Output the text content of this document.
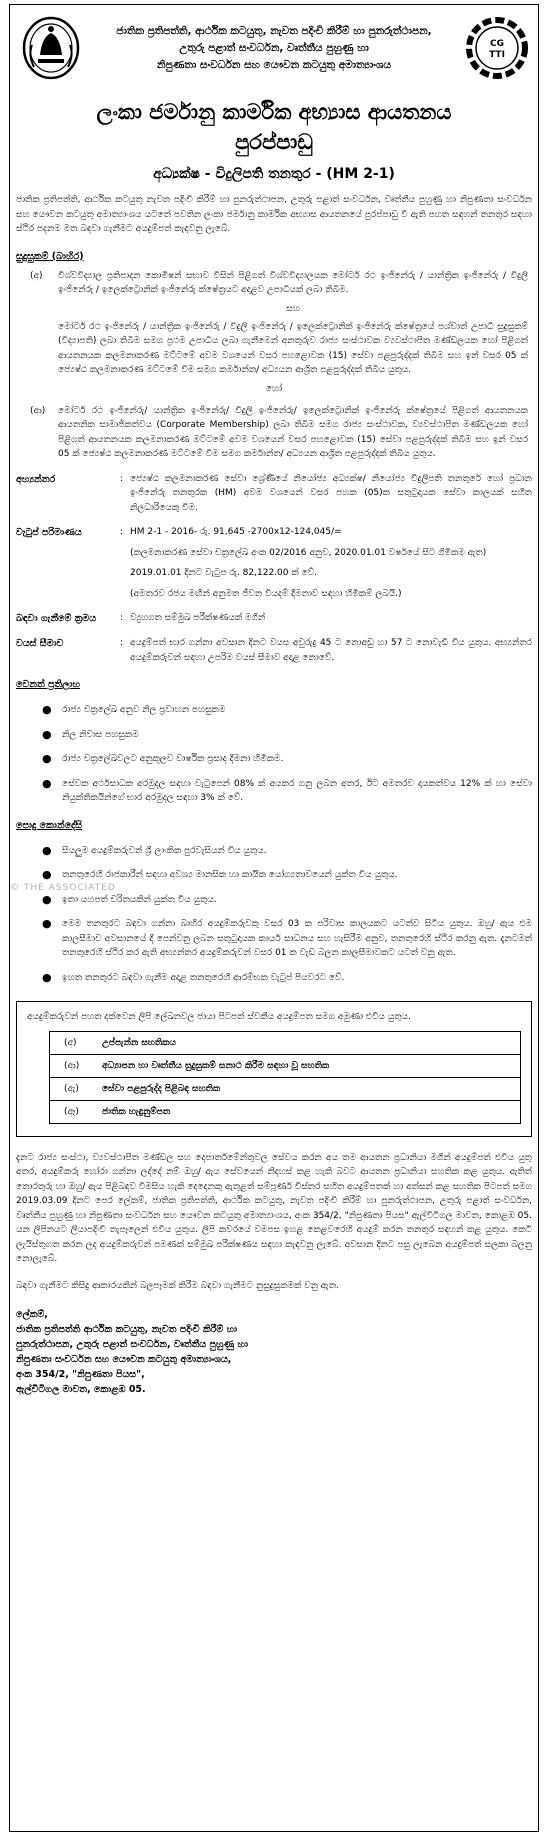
ජාතික ප්‍රතිපත්ති, ආර්ථික කටයුතු, නැවත පදිංචි කිරීම් හා පුනරුත්ථාපන,
උතුරු පළාත් සංවර්ධන, වෘත්තීය පුහුණු හා
නිපුණතා සංවර්ධන සහ යෞවන කටයුතු අමාත්‍යාංශය
CG
TTI
ලංකා ජර්මානු කාර්මික අභ්‍යාස ආයතනය
පුරප්පාඩු
අධ්‍යක්ෂ - විදුලිපති තනතුර - (HM 2-1)

ජාතික ප්‍රතිපත්ති, ආර්ථික කටයුතු නැවත පදිංචි කිරීම් හා පුනරුත්ථාපන, උතුරු පළාත් සංවර්ධන, වෘත්තීය පුහුණු හා නිපුණතා සංවර්ධන සහ යෞවන කටයුතු අමාත්‍යාංශය යටතේ පවතින ලංකා ජර්මානු කාර්මික අභ්‍යාස ආයතනයේ පුරප්පාඩු වී ඇති පහත සඳහන් තනතුර සඳහා ස්ථිර පදනම මත බඳවා ගැනීමට අයදුම්පත් කැඳවනු ලැබේ.

සුදුසුකම් (බාහිර)
(අ)	විශ්වවිද්‍යාල ප්‍රතිපාදන කොමිෂන් සභාව විසින් පිළිගත් විශ්වවිද්‍යාලයක මෝටර් රථ ඉංජිනේරු / යාන්ත්‍රික ඉංජිනේරු / විදුලි ඉංජිනේරු / ඉලෙක්ට්‍රොනික් ඉංජිනේරු ක්ෂේත්‍රයට අදාළව උපාධියක් ලබා තිබීම.

සහ

මෝටර් රථ ඉංජිනේරු / යාන්ත්‍රික ඉංජිනේරු / විදුලි ඉංජිනේරු / ඉලෙක්ට්‍රොනික් ඉංජිනේරු ක්ෂේත්‍රයේ පශ්චාත් උපාධි සුදුසුකම් (විද්‍යාපති) ලබා තිබීම සමග ප්‍රථම උපාධිය ලබා ගැනීමෙන් අනතුරුව රාජ්‍ය සංස්ථාවක ව්‍යවස්ථාපිත මණ්ඩලයක හෝ පිළිගත් ආයතනයක කලමනාකරණ මට්ටමේ අවම වශයෙන් වසර පහළොවක (15) සේවා පළපුරුද්දක් තිබීම සහ ඉන් වසර 05 ක් ජ්‍යෙෂ්ඨ කලමනාකරණ මට්ටමේ විම සමග කර්මාන්ත/ අධ්‍යයන ආශ්‍රිත පළපුරුද්දක් තිබිය යුතුය.

හෝ
(ආ)	මෝටර් රථ ඉංජිනේරු/ යාන්ත්‍රික ඉංජිනේරු/ විදුලි ඉංජිනේරු/ ඉලෙක්ට්‍රොනික් ඉංජිනේරු ක්ෂේත්‍රයේ පිළිගත් ආයතනයක ආයතනික සාමාජිකත්වය (Corporate Membership) ලබා තිබීම සමග රාජ්‍ය සංස්ථාවක, ව්‍යවස්ථාපිත මණ්ඩලයක හෝ පිළිගත් ආයතනයක කලමනාකරණ මට්ටමේ අවම වශයෙන් වසර පහළොවක (15) සේවා පළපුරුද්දක් තිබීම සහ ඉන් වසර 05 ක් ජ්‍යෙෂ්ඨ කලමනාකරණ මට්ටමේ විම සමග කර්මාන්ත/ අධ්‍යයන ආශ්‍රිත පළපුරුද්දක් තිබිය යුතුය.

අභ්‍යන්තර	: ජ්‍යෙෂ්ඨ කලමනාකරණ සේවා ශ්‍රේණියේ නියෝජ්‍ය අධ්‍යක්ෂ/ නියෝජ්‍ය විදුලිපති තනතුරේ හෝ ප්‍රධාන ඉංජිනේරු තනතුරක (HM) අවම වශයෙන් වසර පහක (05)ක සතුටුදායක සේවා කාලයක් සහිත නිලධාරියෙකු විම.

වැටුප් පරිමාණය	: HM 2-1 - 2016- රු. 91,645 -2700x12-124,045/=

(කලමනාකරණ සේවා චක්‍රලේඛ අංක 02/2016 අනුව, 2020.01.01 වර්ෂයේ සිට ගිමිකම ඇත)

2019.01.01 දිනට වැටුප රු. 82,122.00 ක් වේ.

(අමතරව රජය මඟින් අනුමත ජීවන වියදම් දීමනාව සඳහා හිමිකම් ලබයි.)

බඳවා ගැනීමේ ක්‍රමය	: ව්‍යුහගත සම්මුඛ පරීක්ෂණයක් මගින්

වයස් සීමාව	: අයදුම්පත් භාර ගන්නා අවසාන දිනට වයස අවුරුදු 45 ට නොඅඩු හා 57 ට නොවැඩි විය යුතුය. අභ්‍යන්තර අයදුම්කරුවන් සඳහා උපරිම වයස් සීමාව අදාළ නොවේ.

© THE ASSOCIATED
වෙනත් ප්‍රතිලාභ
●	රාජ්‍ය චක්‍රලේඛ අනුව නිල ප්‍රවාහන පහසුකම
●	නිල නිවාස පහසුකම
●	රාජ්‍ය චක්‍රලේඛවලට අනුකූලව වාර්ෂික ප්‍රසාද දීමනා හිමිකම.
●	සේවක අර්ථසාධක අරමුදල සඳහා වැටුපෙන් 08% ක් අයකර ගනු ලබන අතර, ඊට අමතරව දායකත්වය 12% ක් හා සේවා නියුක්තිකයින්ගේ භාර අරමුදල සඳහා 3% ක් වේ.
පොදු කොන්දේසි
●	සියලුම අයදුම්කරුවන් ශ්‍රී ලාංකික පුරවැසියන් විය යුතුය.
●	තනතුරෙහි රාජකාරීන් සඳහා අවශ්‍ය මානසික හා කායික යෝග්‍යතාවයෙන් යුක්ත විය යුතුය.
●	ඉතා යහපත් චරිතයකින් යුක්ත විය යුතුය.
●	මෙම තනතුරට බඳවා ගන්නා බාහිර අයදුම්කරුවකු වසර 03 ක පරිවාස කාලයකට යටත්ව සිටිය යුතුය. ඔහු/ ඇය එම කාලසීමාව අවසානයේ දී පෙන්වනු ලබන සතුටුදායක කාර්ය සාධනය සහ හැසිරීම අනුව, තනතුරෙහි ස්ථිර කරනු ඇත. දැනටමත් තනතුරෙහි ස්ථිර කර ඇති අභ්‍යන්තර අයදුම්කරුවන් වසර 01 ක වැඩ බලන කාලසීමාවකට යටත් වනු ඇත.
●	ඉහත තනතුරට බඳවා ගැනීම අදාළ තනතුරෙහි ආරම්භක වැටුප් පියවරට වේ.

අයදුම්කරුවන් පහත දක්වෙන ලිපි ලේඛනවල ජායා පිටපත් ස්වකීය අයදුම්පත සමග අමුණා එවිය යුතුය.

(අ)	උප්පැන්න සහතිකය
(ආ)	අධ්‍යාපන හා වෘත්තීය සුදුසුකම් සනාථ කිරීම සඳහා වූ සහතික
(ඇ)	සේවා පළපුරුද්ද පිළිබඳ සහතික
(ඈ)	ජාතික හැඳුනුම්පත

දැනට රාජ්‍ය සංස්ථා, ව්‍යවස්ථාපිත මණ්ඩල සහ දෙපාර්තමේන්තුවල සේවය කරන අය තම ආයතන ප්‍රධානියා මගින් අයදුම්පත් එවිය යුතු අතර, අයදුම්කරු හෝරා ගන්නා ලද්දේ නම් ඔහු/ ඇය සේවයෙන් නිදහස් කළ හැකි බවට ආයතන ප්‍රධානියා සහතික කළ යුතුය. ඇතිත් තොරතුරු හා ඔහු/ ඇය පිළිබඳව විමසිය හැකි දෙදෙනකු ඇතුළත් සම්පූර්ණ විස්තර සහිත අයදුම්පතක් හා අත්සන් කළ සහතික පිටපත් සමග 2019.03.09 දිනට පෙර ලේකම්, ජාතික ප්‍රතිපත්ති, ආර්ථික කටයුතු, නැවත පදිංචි කිරීම් හා පුනරුත්ථාපන, උතුරු පළාත් සංවර්ධන, වෘත්තීය පුහුණු හා නිපුණතා සංවර්ධන සහ යෞවන කටයුතු අමාත්‍යාංශය, අංක 354/2, "නිපුණතා පියස" ඇල්විටිගල මාවත, කොළඹ 05. යන ලිපිනයට ලියාපදිංචි තැපෑලෙන් එවිය යුතුය. ලිපි කවරයේ වමපස ඉහළ කෙළවරෙහි අයදුම් කරන තනතුර සඳහන් කළ යුතුය. කෙටි ලැයිස්තුගත කරන ලද අයදුම්කරුවන් පමණක් සම්මුඛ පරීක්ෂණය සඳහා කැඳවනු ලැබේ. අවසාන දිනට පසු ලැබෙන අයදුම්පත් සලකා බලනු නොලැබේ.

බඳවා ගැනීමට කිසිදු ආකාරයකින් බලපෑමක් කිරීම බඳවා ගැනීමට නුසුදුසුකමක් වනු ඇත.

ලේකම්,
ජාතික ප්‍රතිපත්ති ආර්ථික කටයුතු, නැවත පදිංචි කිරීම් හා
පුනරුත්ථාපන, උතුරු පළාත් සංවර්ධන, වෘත්තීය පුහුණු හා
නිපුණතා සංවර්ධන සහ යෞවන කටයුතු අමාත්‍යාංශය,
අංක 354/2, "නිපුණතා පියස",
ඇල්විටිගල මාවත, කොළඹ 05.
